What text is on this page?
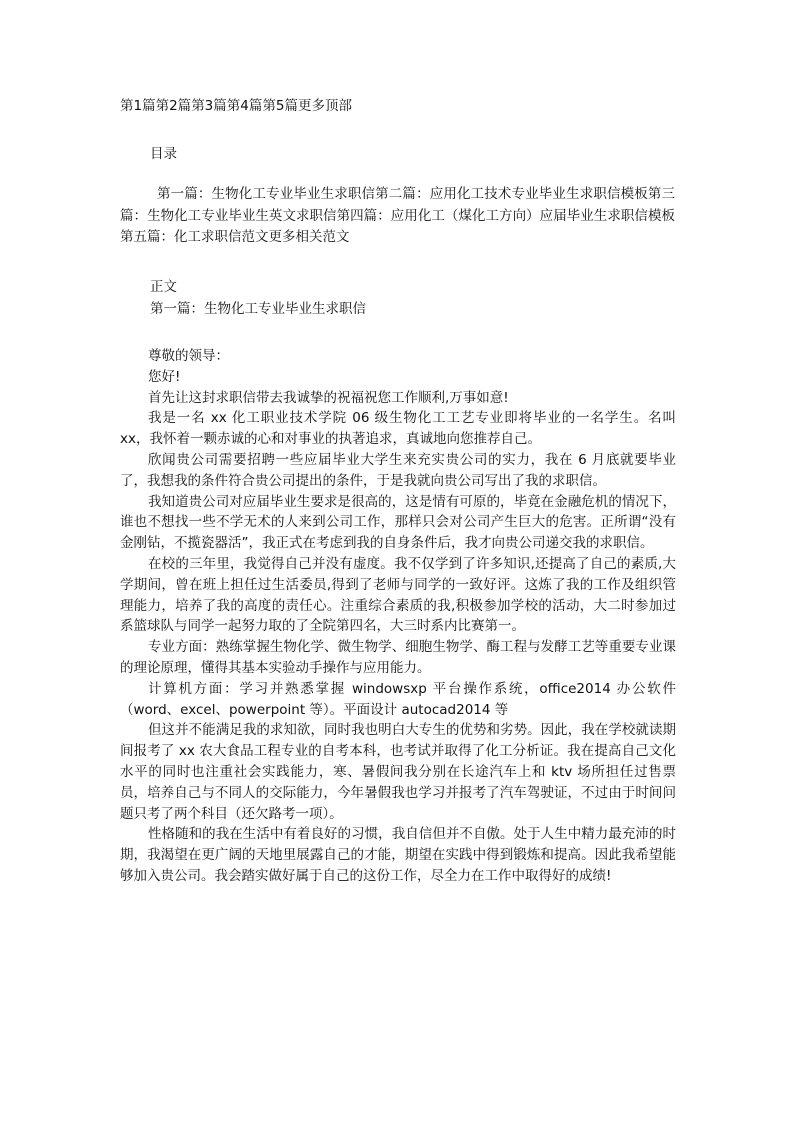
第1篇第2篇第3篇第4篇第5篇更多顶部
目录
第一篇：生物化工专业毕业生求职信第二篇：应用化工技术专业毕业生求职信模板第三篇：生物化工专业毕业生英文求职信第四篇：应用化工（煤化工方向）应届毕业生求职信模板第五篇：化工求职信范文更多相关范文
正文
第一篇：生物化工专业毕业生求职信

尊敬的领导：

您好!

首先让这封求职信带去我诚挚的祝福祝您工作顺利,万事如意!

我是一名 xx 化工职业技术学院 06 级生物化工工艺专业即将毕业的一名学生。名叫 xx，我怀着一颗赤诚的心和对事业的执著追求，真诚地向您推荐自己。

欣闻贵公司需要招聘一些应届毕业大学生来充实贵公司的实力，我在 6 月底就要毕业了，我想我的条件符合贵公司提出的条件，于是我就向贵公司写出了我的求职信。

我知道贵公司对应届毕业生要求是很高的，这是情有可原的，毕竟在金融危机的情况下，谁也不想找一些不学无术的人来到公司工作，那样只会对公司产生巨大的危害。正所谓“没有金刚钻，不揽瓷器活”，我正式在考虑到我的自身条件后，我才向贵公司递交我的求职信。

在校的三年里，我觉得自己并没有虚度。我不仅学到了许多知识,还提高了自己的素质,大学期间，曾在班上担任过生活委员,得到了老师与同学的一致好评。这炼了我的工作及组织管理能力，培养了我的高度的责任心。注重综合素质的我,积极参加学校的活动，大二时参加过系篮球队与同学一起努力取的了全院第四名，大三时系内比赛第一。

专业方面：熟练掌握生物化学、微生物学、细胞生物学、酶工程与发酵工艺等重要专业课的理论原理，懂得其基本实验动手操作与应用能力。

计算机方面：学习并熟悉掌握 windowsxp 平台操作系统，office2014 办公软件（word、excel、powerpoint 等）。平面设计 autocad2014 等

但这并不能满足我的求知欲，同时我也明白大专生的优势和劣势。因此，我在学校就读期间报考了 xx 农大食品工程专业的自考本科，也考试并取得了化工分析证。我在提高自己文化水平的同时也注重社会实践能力，寒、暑假间我分别在长途汽车上和 ktv 场所担任过售票员，培养自己与不同人的交际能力，今年暑假我也学习并报考了汽车驾驶证，不过由于时间问题只考了两个科目（还欠路考一项）。

性格随和的我在生活中有着良好的习惯，我自信但并不自傲。处于人生中精力最充沛的时期，我渴望在更广阔的天地里展露自己的才能，期望在实践中得到锻炼和提高。因此我希望能够加入贵公司。我会踏实做好属于自己的这份工作，尽全力在工作中取得好的成绩!
